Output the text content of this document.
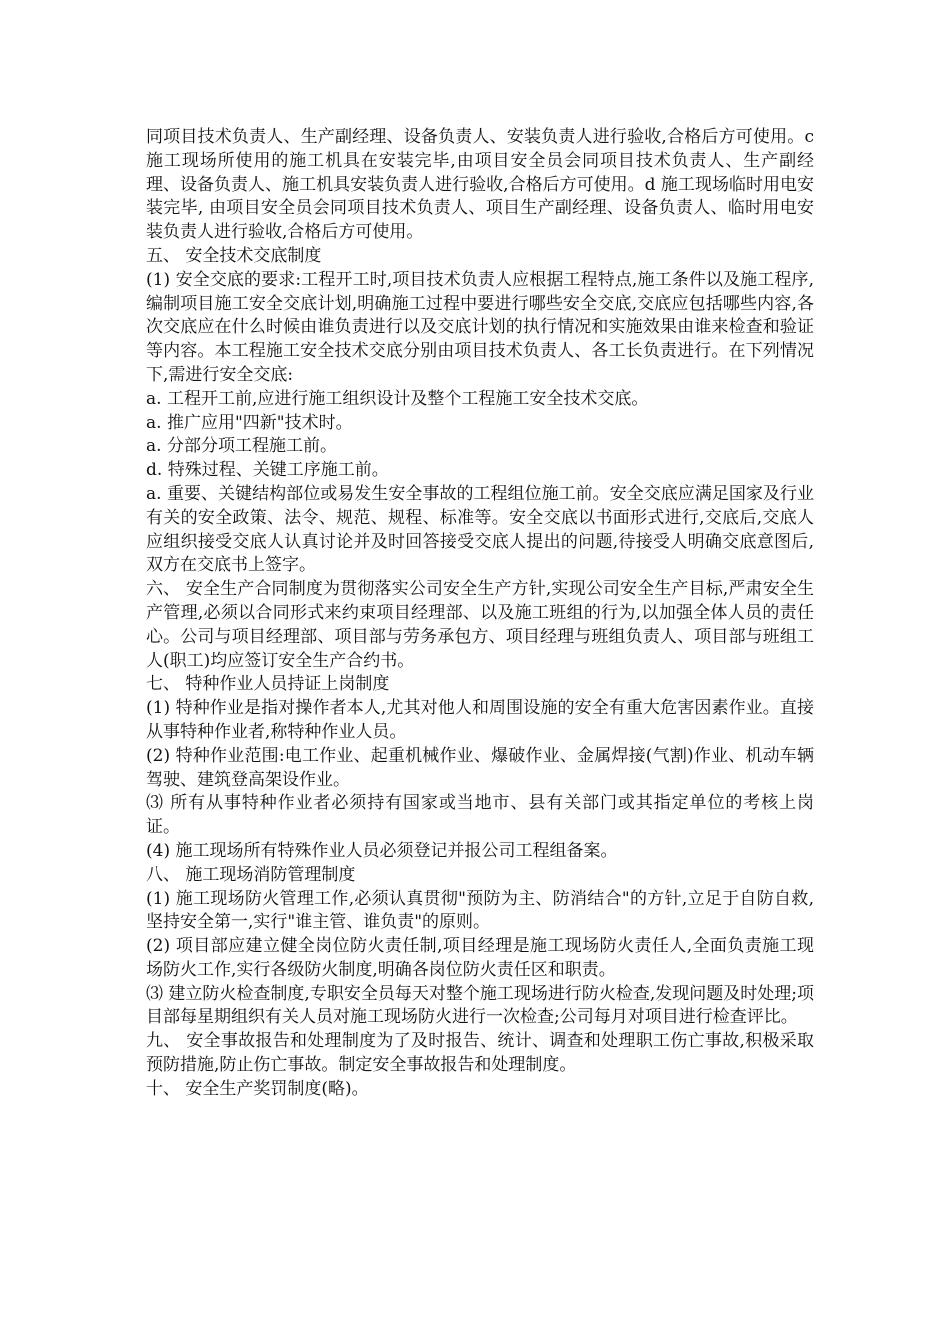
同项目技术负责人、生产副经理、设备负责人、安装负责人进行验收,合格后方可使用。c 施工现场所使用的施工机具在安装完毕,由项目安全员会同项目技术负责人、生产副经理、设备负责人、施工机具安装负责人进行验收,合格后方可使用。d 施工现场临时用电安装完毕, 由项目安全员会同项目技术负责人、项目生产副经理、设备负责人、临时用电安装负责人进行验收,合格后方可使用。

五、 安全技术交底制度

(1) 安全交底的要求:工程开工时,项目技术负责人应根据工程特点,施工条件以及施工程序,编制项目施工安全交底计划,明确施工过程中要进行哪些安全交底,交底应包括哪些内容,各次交底应在什么时候由谁负责进行以及交底计划的执行情况和实施效果由谁来检查和验证等内容。本工程施工安全技术交底分别由项目技术负责人、各工长负责进行。在下列情况下,需进行安全交底:

a. 工程开工前,应进行施工组织设计及整个工程施工安全技术交底。

a. 推广应用"四新"技术时。

a. 分部分项工程施工前。

d. 特殊过程、关键工序施工前。

a. 重要、关键结构部位或易发生安全事故的工程组位施工前。安全交底应满足国家及行业有关的安全政策、法令、规范、规程、标准等。安全交底以书面形式进行,交底后,交底人应组织接受交底人认真讨论并及时回答接受交底人提出的问题,待接受人明确交底意图后,双方在交底书上签字。

六、 安全生产合同制度为贯彻落实公司安全生产方针,实现公司安全生产目标,严肃安全生产管理,必须以合同形式来约束项目经理部、以及施工班组的行为,以加强全体人员的责任心。公司与项目经理部、项目部与劳务承包方、项目经理与班组负责人、项目部与班组工人(职工)均应签订安全生产合约书。

七、 特种作业人员持证上岗制度

(1) 特种作业是指对操作者本人,尤其对他人和周围设施的安全有重大危害因素作业。直接从事特种作业者,称特种作业人员。

(2) 特种作业范围:电工作业、起重机械作业、爆破作业、金属焊接(气割)作业、机动车辆驾驶、建筑登高架设作业。

⑶ 所有从事特种作业者必须持有国家或当地市、县有关部门或其指定单位的考核上岗证。

(4) 施工现场所有特殊作业人员必须登记并报公司工程组备案。

八、 施工现场消防管理制度

(1) 施工现场防火管理工作,必须认真贯彻"预防为主、防消结合"的方针,立足于自防自救,坚持安全第一,实行"谁主管、谁负责"的原则。

(2) 项目部应建立健全岗位防火责任制,项目经理是施工现场防火责任人,全面负责施工现场防火工作,实行各级防火制度,明确各岗位防火责任区和职责。

⑶ 建立防火检查制度,专职安全员每天对整个施工现场进行防火检查,发现问题及时处理;项目部每星期组织有关人员对施工现场防火进行一次检查;公司每月对项目进行检查评比。

九、 安全事故报告和处理制度为了及时报告、统计、调查和处理职工伤亡事故,积极采取预防措施,防止伤亡事故。制定安全事故报告和处理制度。

十、 安全生产奖罚制度(略)。
